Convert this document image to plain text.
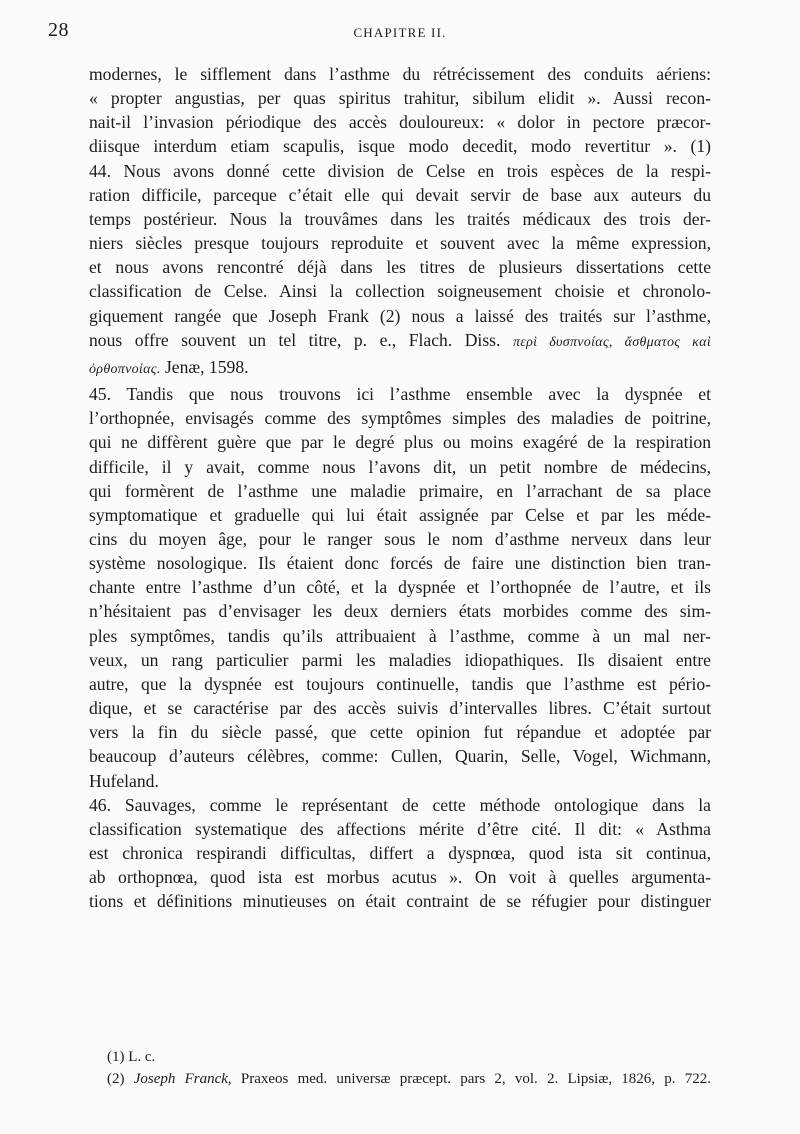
28	CHAPITRE II.
modernes, le sifflement dans l’asthme du rétrécissement des conduits aériens:
« propter angustias, per quas spiritus trahitur, sibilum elidit ». Aussi recon-
nait-il l’invasion périodique des accès douloureux: « dolor in pectore præcor-
diisque interdum etiam scapulis, isque modo decedit, modo revertitur ». (1)
44. Nous avons donné cette division de Celse en trois espèces de la respi-
ration difficile, parceque c’était elle qui devait servir de base aux auteurs du
temps postérieur. Nous la trouvâmes dans les traités médicaux des trois der-
niers siècles presque toujours reproduite et souvent avec la même expression,
et nous avons rencontré déjà dans les titres de plusieurs dissertations cette
classification de Celse. Ainsi la collection soigneusement choisie et chronolo-
giquement rangée que Joseph Frank (2) nous a laissé des traités sur l’asthme,
nous offre souvent un tel titre, p. e., Flach. Diss. περὶ δυσπνοίας, ἄσθματος καὶ
ὀρθοπνοίας. Jenæ, 1598.
45. Tandis que nous trouvons ici l’asthme ensemble avec la dyspnée et
l’orthopnée, envisagés comme des symptômes simples des maladies de poitrine,
qui ne diffèrent guère que par le degré plus ou moins exagéré de la respiration
difficile, il y avait, comme nous l’avons dit, un petit nombre de médecins,
qui formèrent de l’asthme une maladie primaire, en l’arrachant de sa place
symptomatique et graduelle qui lui était assignée par Celse et par les méde-
cins du moyen âge, pour le ranger sous le nom d’asthme nerveux dans leur
système nosologique. Ils étaient donc forcés de faire une distinction bien tran-
chante entre l’asthme d’un côté, et la dyspnée et l’orthopnée de l’autre, et ils
n’hésitaient pas d’envisager les deux derniers états morbides comme des sim-
ples symptômes, tandis qu’ils attribuaient à l’asthme, comme à un mal ner-
veux, un rang particulier parmi les maladies idiopathiques. Ils disaient entre
autre, que la dyspnée est toujours continuelle, tandis que l’asthme est pério-
dique, et se caractérise par des accès suivis d’intervalles libres. C’était surtout
vers la fin du siècle passé, que cette opinion fut répandue et adoptée par
beaucoup d’auteurs célèbres, comme: Cullen, Quarin, Selle, Vogel, Wichmann,
Hufeland.
46. Sauvages, comme le représentant de cette méthode ontologique dans la
classification systematique des affections mérite d’être cité. Il dit: « Asthma
est chronica respirandi difficultas, differt a dyspnœa, quod ista sit continua,
ab orthopnœa, quod ista est morbus acutus ». On voit à quelles argumenta-
tions et définitions minutieuses on était contraint de se réfugier pour distinguer
(1) L. c.
(2) Joseph Franck, Praxeos med. universæ præcept. pars 2, vol. 2. Lipsiæ, 1826, p. 722.
